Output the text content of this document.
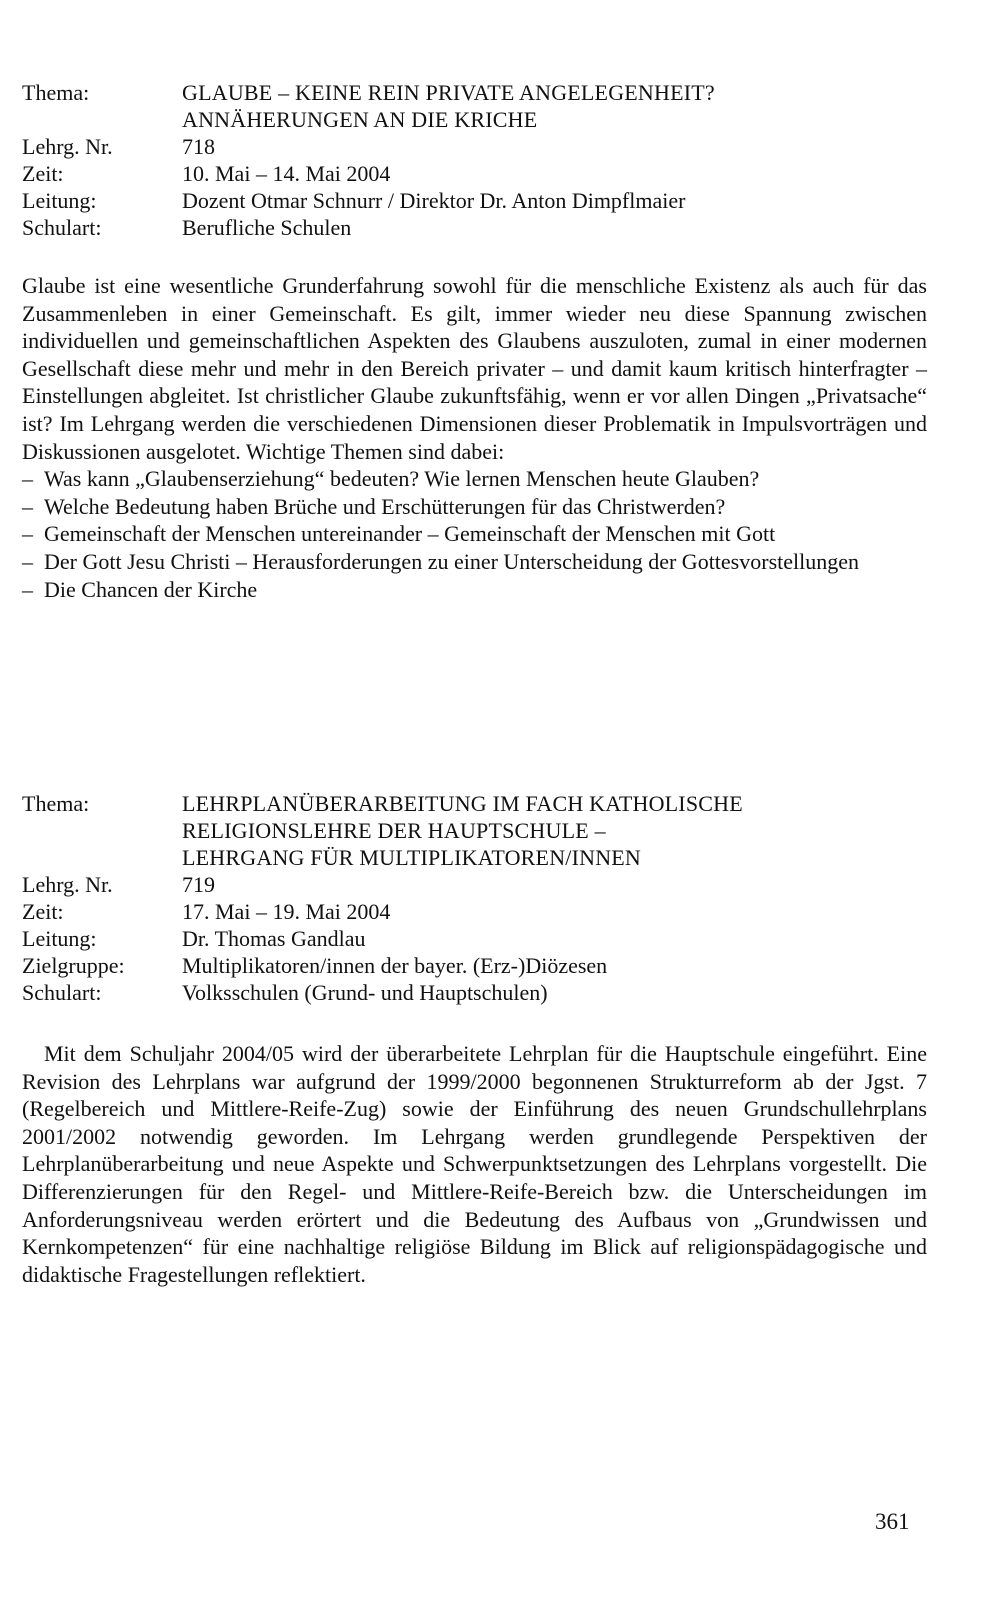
Thema:	GLAUBE – KEINE REIN PRIVATE ANGELEGENHEIT?
ANNÄHERUNGEN AN DIE KRICHE
Lehrg. Nr.	718
Zeit:	10. Mai – 14. Mai 2004
Leitung:	Dozent Otmar Schnurr / Direktor Dr. Anton Dimpflmaier
Schulart:	Berufliche Schulen

Glaube ist eine wesentliche Grunderfahrung sowohl für die menschliche Existenz als auch für das Zusammenleben in einer Gemeinschaft. Es gilt, immer wieder neu diese Spannung zwischen individuellen und gemeinschaftlichen Aspekten des Glaubens auszuloten, zumal in einer modernen Gesellschaft diese mehr und mehr in den Bereich privater – und damit kaum kritisch hinterfragter – Einstellungen abgleitet. Ist christlicher Glaube zukunftsfähig, wenn er vor allen Dingen „Privatsache“ ist? Im Lehrgang werden die verschiedenen Dimensionen dieser Problematik in Impulsvorträgen und Diskussionen ausgelotet. Wichtige Themen sind dabei:

– Was kann „Glaubenserziehung“ bedeuten? Wie lernen Menschen heute Glauben?
– Welche Bedeutung haben Brüche und Erschütterungen für das Christwerden?
– Gemeinschaft der Menschen untereinander – Gemeinschaft der Menschen mit Gott
– Der Gott Jesu Christi – Herausforderungen zu einer Unterscheidung der Gottesvorstellungen
– Die Chancen der Kirche
Thema:	LEHRPLANÜBERARBEITUNG IM FACH KATHOLISCHE
RELIGIONSLEHRE DER HAUPTSCHULE –
LEHRGANG FÜR MULTIPLIKATOREN/INNEN
Lehrg. Nr.	719
Zeit:	17. Mai – 19. Mai 2004
Leitung:	Dr. Thomas Gandlau
Zielgruppe:	Multiplikatoren/innen der bayer. (Erz-)Diözesen
Schulart:	Volksschulen (Grund- und Hauptschulen)

Mit dem Schuljahr 2004/05 wird der überarbeitete Lehrplan für die Hauptschule eingeführt. Eine Revision des Lehrplans war aufgrund der 1999/2000 begonnenen Strukturreform ab der Jgst. 7 (Regelbereich und Mittlere-Reife-Zug) sowie der Einführung des neuen Grundschullehrplans 2001/2002 notwendig geworden. Im Lehrgang werden grundlegende Perspektiven der Lehrplanüberarbeitung und neue Aspekte und Schwerpunktsetzungen des Lehrplans vorgestellt. Die Differenzierungen für den Regel- und Mittlere-Reife-Bereich bzw. die Unterscheidungen im Anforderungsniveau werden erörtert und die Bedeutung des Aufbaus von „Grundwissen und Kernkompetenzen“ für eine nachhaltige religiöse Bildung im Blick auf religionspädagogische und didaktische Fragestellungen reflektiert.

361
